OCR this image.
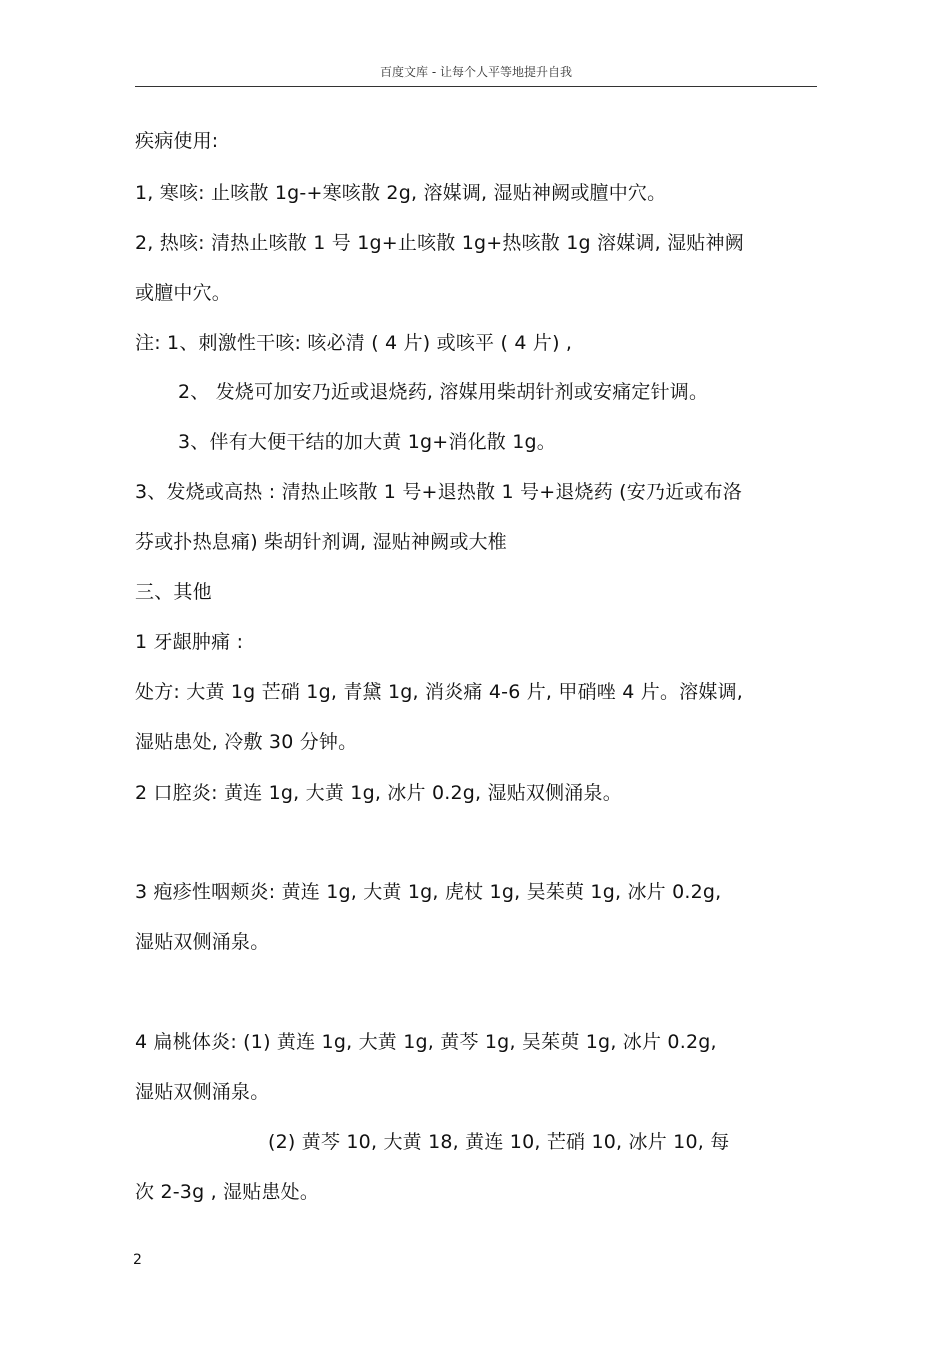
百度文库 - 让每个人平等地提升自我
疾病使用:
1, 寒咳: 止咳散 1g-+寒咳散 2g, 溶媒调, 湿贴神阙或膻中穴。
2, 热咳: 清热止咳散 1 号 1g+止咳散 1g+热咳散 1g 溶媒调, 湿贴神阙
或膻中穴。
注: 1、刺激性干咳: 咳必清 ( 4 片) 或咳平 ( 4 片) ,
2、 发烧可加安乃近或退烧药, 溶媒用柴胡针剂或安痛定针调。
3、伴有大便干结的加大黄 1g+消化散 1g。
3、发烧或高热 : 清热止咳散 1 号+退热散 1 号+退烧药 (安乃近或布洛
芬或扑热息痛) 柴胡针剂调, 湿贴神阙或大椎
三、其他
1 牙龈肿痛 :
处方: 大黄 1g 芒硝 1g, 青黛 1g, 消炎痛 4-6 片, 甲硝唑 4 片。溶媒调,
湿贴患处, 冷敷 30 分钟。
2 口腔炎: 黄连 1g, 大黄 1g, 冰片 0.2g, 湿贴双侧涌泉。
3 疱疹性咽颊炎: 黄连 1g, 大黄 1g, 虎杖 1g, 吴茱萸 1g, 冰片 0.2g,
湿贴双侧涌泉。
4 扁桃体炎: (1) 黄连 1g, 大黄 1g, 黄芩 1g, 吴茱萸 1g, 冰片 0.2g,
湿贴双侧涌泉。
(2) 黄芩 10, 大黄 18, 黄连 10, 芒硝 10, 冰片 10, 每
次 2-3g , 湿贴患处。
2
